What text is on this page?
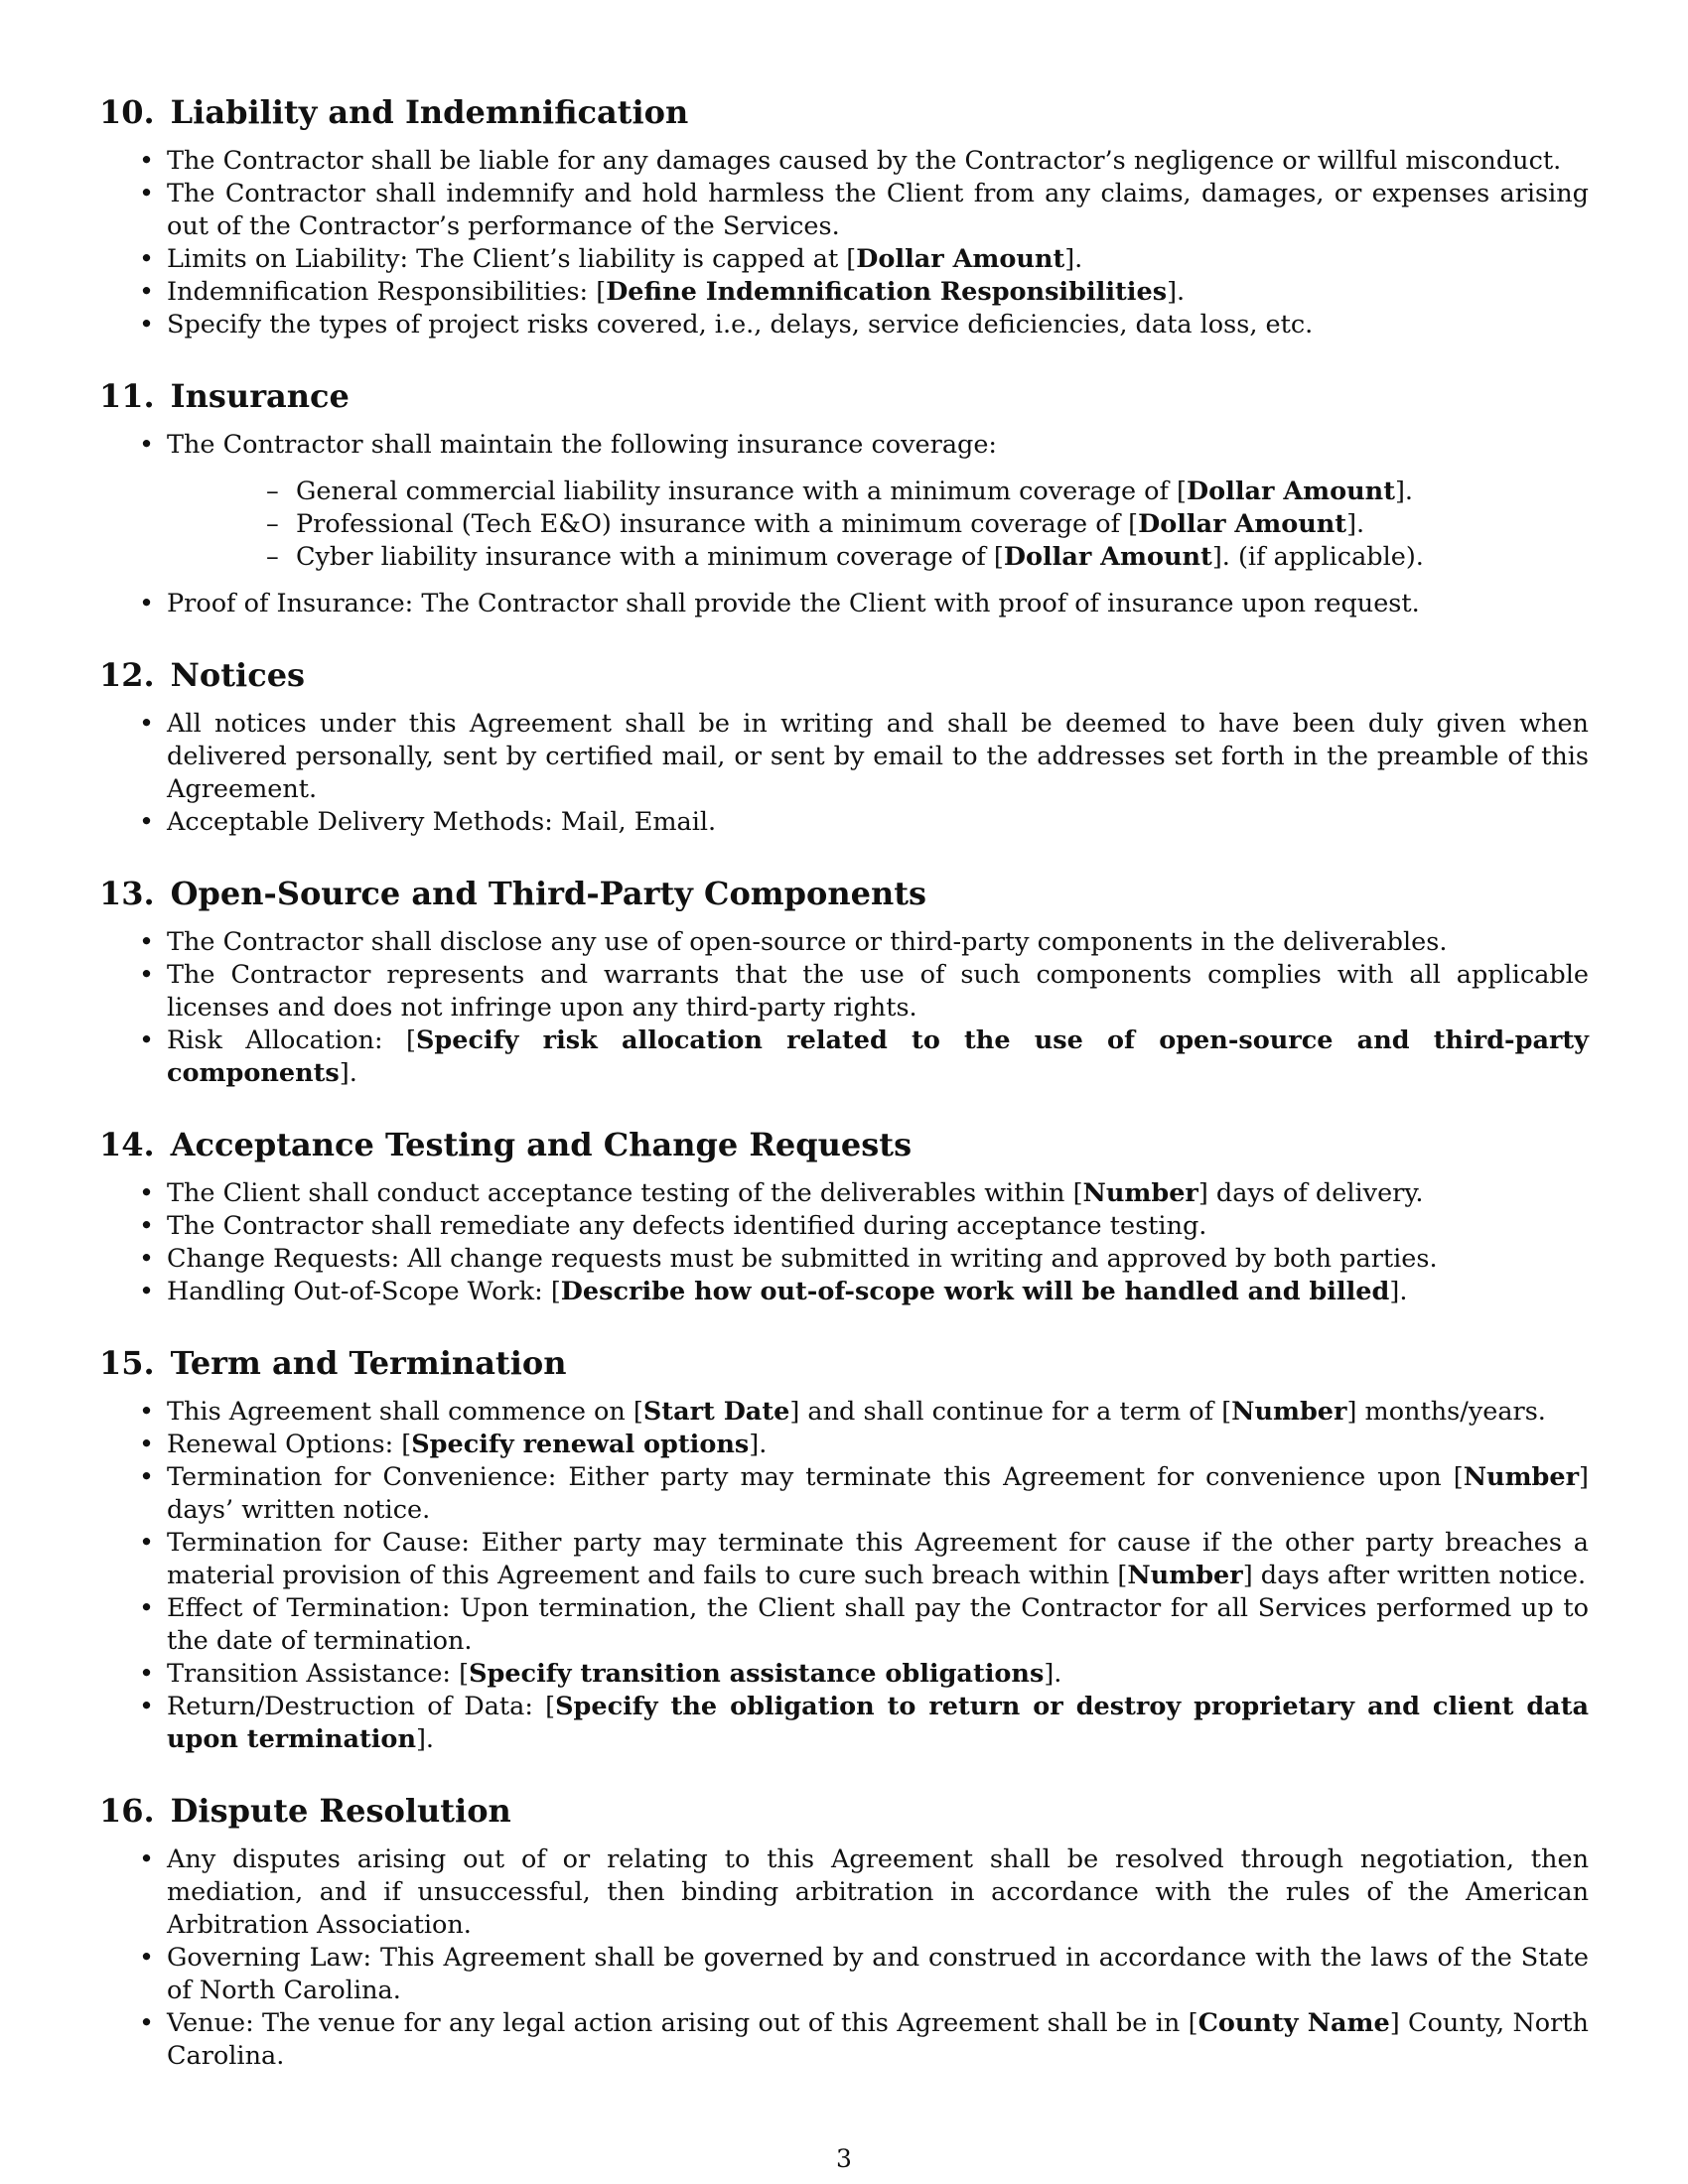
10. Liability and Indemnification
• The Contractor shall be liable for any damages caused by the Contractor’s negligence or willful misconduct.
• The Contractor shall indemnify and hold harmless the Client from any claims, damages, or expenses arising out of the Contractor’s performance of the Services.
• Limits on Liability: The Client’s liability is capped at [Dollar Amount].
• Indemnification Responsibilities: [Define Indemnification Responsibilities].
• Specify the types of project risks covered, i.e., delays, service deficiencies, data loss, etc.
11. Insurance
• The Contractor shall maintain the following insurance coverage:
– General commercial liability insurance with a minimum coverage of [Dollar Amount].
– Professional (Tech E&O) insurance with a minimum coverage of [Dollar Amount].
– Cyber liability insurance with a minimum coverage of [Dollar Amount]. (if applicable).
• Proof of Insurance: The Contractor shall provide the Client with proof of insurance upon request.
12. Notices
• All notices under this Agreement shall be in writing and shall be deemed to have been duly given when delivered personally, sent by certified mail, or sent by email to the addresses set forth in the preamble of this Agreement.
• Acceptable Delivery Methods: Mail, Email.
13. Open-Source and Third-Party Components
• The Contractor shall disclose any use of open-source or third-party components in the deliverables.
• The Contractor represents and warrants that the use of such components complies with all applicable licenses and does not infringe upon any third-party rights.
• Risk Allocation: [Specify risk allocation related to the use of open-source and third-party components].
14. Acceptance Testing and Change Requests
• The Client shall conduct acceptance testing of the deliverables within [Number] days of delivery.
• The Contractor shall remediate any defects identified during acceptance testing.
• Change Requests: All change requests must be submitted in writing and approved by both parties.
• Handling Out-of-Scope Work: [Describe how out-of-scope work will be handled and billed].
15. Term and Termination
• This Agreement shall commence on [Start Date] and shall continue for a term of [Number] months/years.
• Renewal Options: [Specify renewal options].
• Termination for Convenience: Either party may terminate this Agreement for convenience upon [Number] days’ written notice.
• Termination for Cause: Either party may terminate this Agreement for cause if the other party breaches a material provision of this Agreement and fails to cure such breach within [Number] days after written notice.
• Effect of Termination: Upon termination, the Client shall pay the Contractor for all Services performed up to the date of termination.
• Transition Assistance: [Specify transition assistance obligations].
• Return/Destruction of Data: [Specify the obligation to return or destroy proprietary and client data upon termination].
16. Dispute Resolution
• Any disputes arising out of or relating to this Agreement shall be resolved through negotiation, then mediation, and if unsuccessful, then binding arbitration in accordance with the rules of the American Arbitration Association.
• Governing Law: This Agreement shall be governed by and construed in accordance with the laws of the State of North Carolina.
• Venue: The venue for any legal action arising out of this Agreement shall be in [County Name] County, North Carolina.
3
